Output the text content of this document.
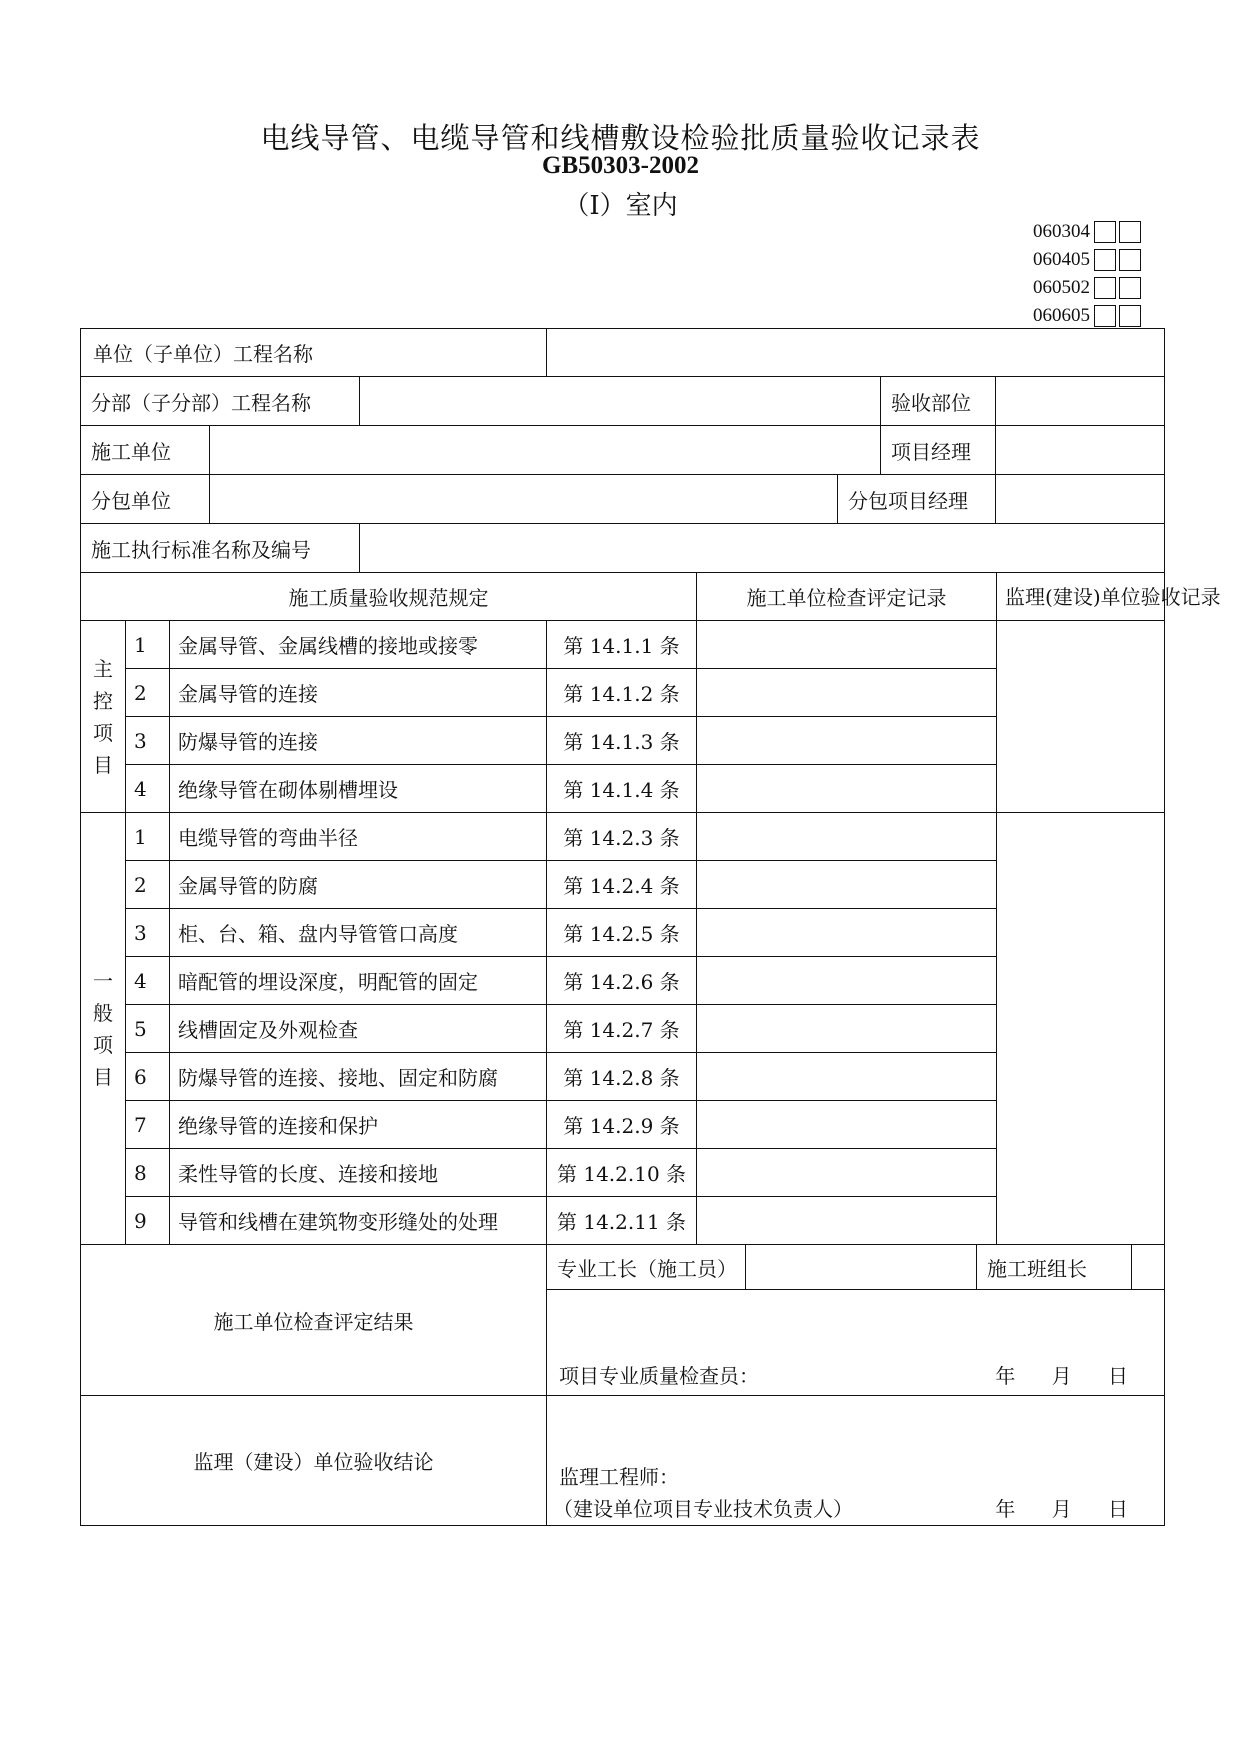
电线导管、电缆导管和线槽敷设检验批质量验收记录表
GB50303-2002
（Ⅰ）室内
060304
060405
060502
060605
单位（子单位）工程名称					

分部（子分部）工程名称 验收部位					

施工单位 项目经理					

分包单位 分包项目经理					

施工执行标准名称及编号					

施工质量验收规范规定				施工单位检查评定记录	监理(建设)单位验收记录
主控项目	1	金属导管、金属线槽的接地或接零	第 14.1.1 条		
	2	金属导管的连接	第 14.1.2 条		
	3	防爆导管的连接	第 14.1.3 条		
	4	绝缘导管在砌体剔槽埋设	第 14.1.4 条		
一般项目	1	电缆导管的弯曲半径	第 14.2.3 条		
	2	金属导管的防腐	第 14.2.4 条		
	3	柜、台、箱、盘内导管管口高度	第 14.2.5 条		
	4	暗配管的埋设深度，明配管的固定	第 14.2.6 条		
	5	线槽固定及外观检查	第 14.2.7 条		
	6	防爆导管的连接、接地、固定和防腐	第 14.2.8 条		
	7	绝缘导管的连接和保护	第 14.2.9 条		
	8	柔性导管的长度、连接和接地	第 14.2.10 条		
	9	导管和线槽在建筑物变形缝处的处理	第 14.2.11 条		
施工单位检查评定结果			专业工长（施工员） 施工班组长		

			项目专业质量检查员： 年 月 日		

监理（建设）单位验收结论			监理工程师：
（建设单位项目专业技术负责人） 年 月 日		
